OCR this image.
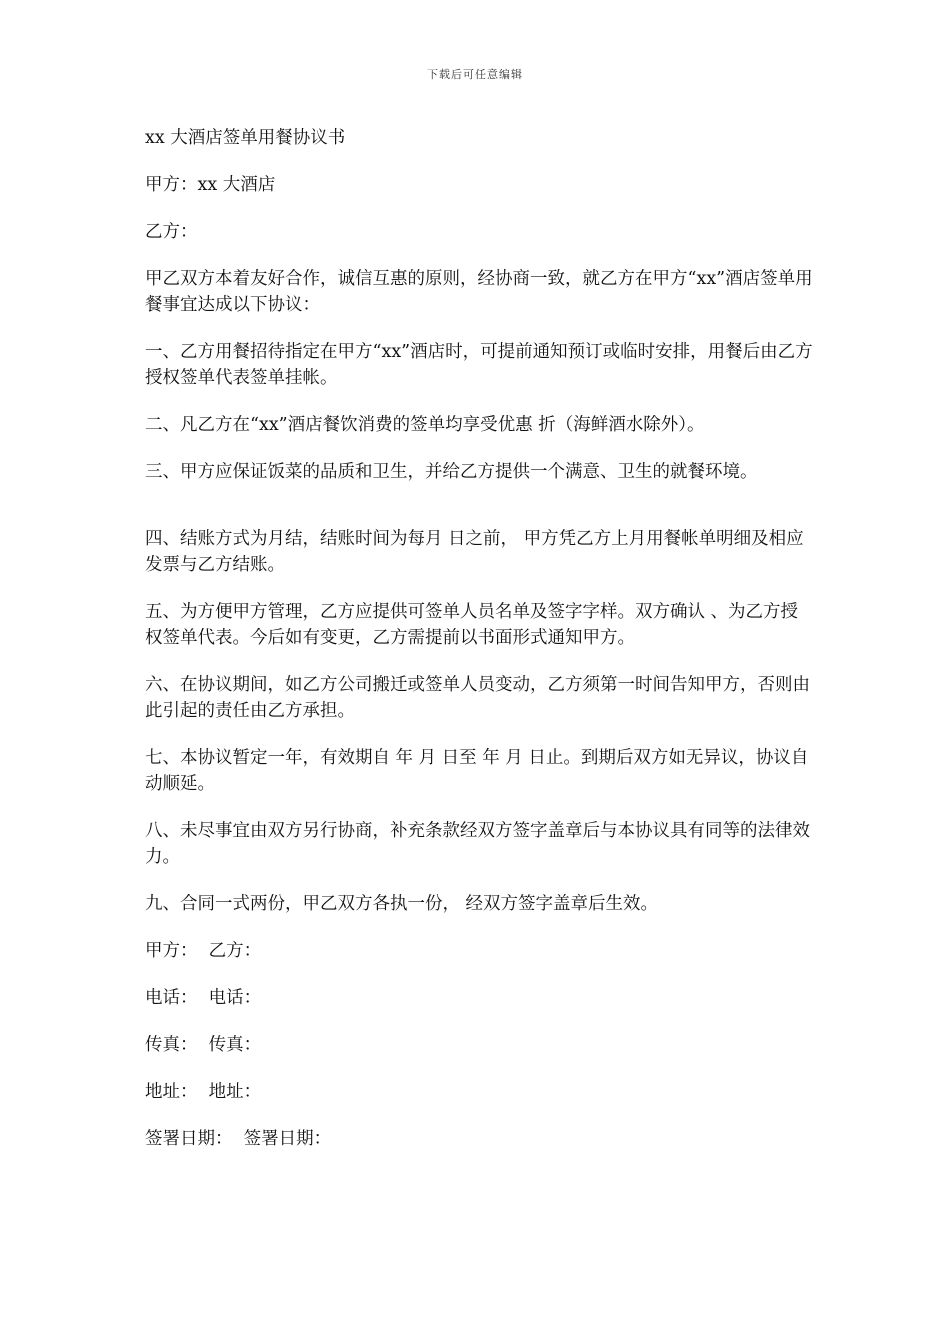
下载后可任意编辑
xx 大酒店签单用餐协议书
甲方：xx 大酒店
乙方：
甲乙双方本着友好合作，诚信互惠的原则，经协商一致，就乙方在甲方“xx”酒店签单用餐事宜达成以下协议：
一、乙方用餐招待指定在甲方“xx”酒店时，可提前通知预订或临时安排，用餐后由乙方授权签单代表签单挂帐。
二、凡乙方在“xx”酒店餐饮消费的签单均享受优惠 折（海鲜酒水除外）。
三、甲方应保证饭菜的品质和卫生，并给乙方提供一个满意、卫生的就餐环境。
四、结账方式为月结，结账时间为每月 日之前， 甲方凭乙方上月用餐帐单明细及相应发票与乙方结账。
五、为方便甲方管理，乙方应提供可签单人员名单及签字字样。双方确认 、为乙方授权签单代表。今后如有变更，乙方需提前以书面形式通知甲方。
六、在协议期间，如乙方公司搬迁或签单人员变动，乙方须第一时间告知甲方，否则由此引起的责任由乙方承担。
七、本协议暂定一年，有效期自 年 月 日至 年 月 日止。到期后双方如无异议，协议自动顺延。
八、未尽事宜由双方另行协商，补充条款经双方签字盖章后与本协议具有同等的法律效力。
九、合同一式两份，甲乙双方各执一份， 经双方签字盖章后生效。
甲方：  乙方：
电话：  电话：
传真：  传真：
地址：  地址：
签署日期：  签署日期：
